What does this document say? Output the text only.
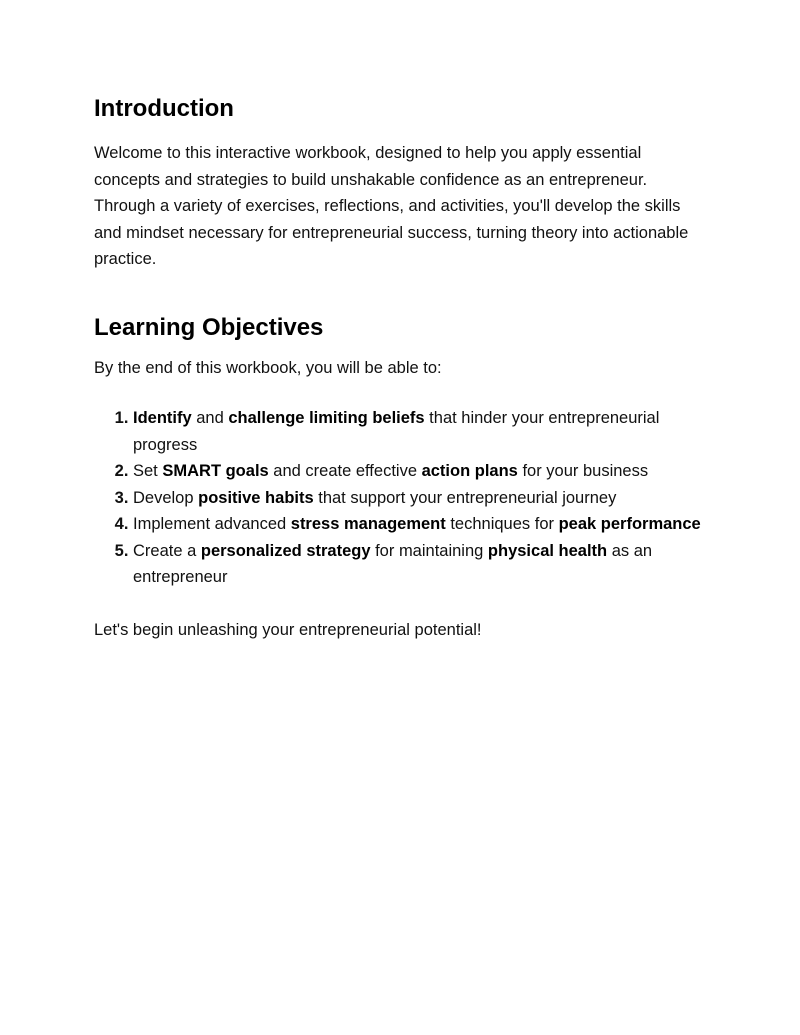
Introduction

Welcome to this interactive workbook, designed to help you apply essential concepts and strategies to build unshakable confidence as an entrepreneur. Through a variety of exercises, reflections, and activities, you'll develop the skills and mindset necessary for entrepreneurial success, turning theory into actionable practice.

Learning Objectives

By the end of this workbook, you will be able to:

1. Identify and challenge limiting beliefs that hinder your entrepreneurial progress
2. Set SMART goals and create effective action plans for your business
3. Develop positive habits that support your entrepreneurial journey
4. Implement advanced stress management techniques for peak performance
5. Create a personalized strategy for maintaining physical health as an entrepreneur

Let's begin unleashing your entrepreneurial potential!
